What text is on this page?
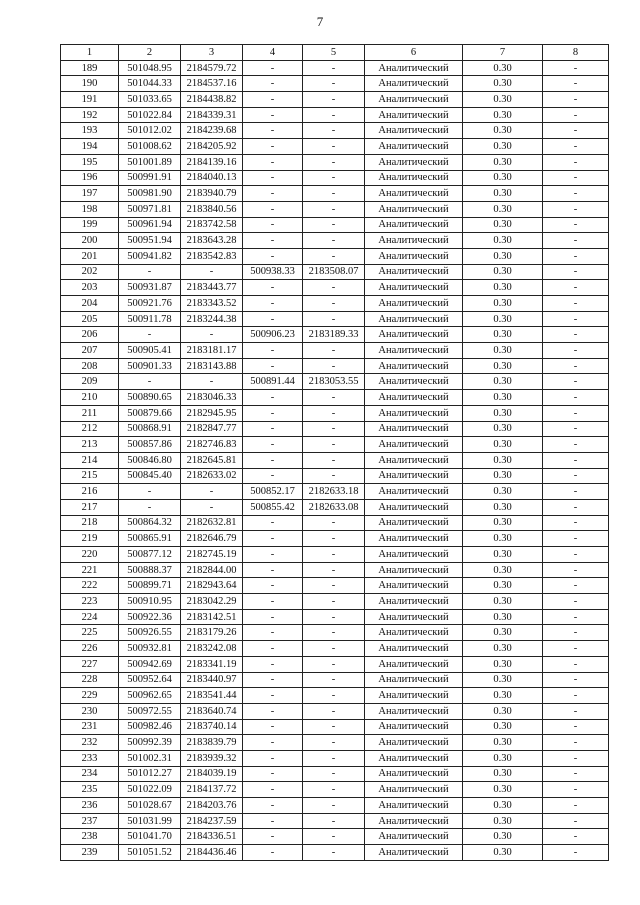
7
1	2	3	4	5	6	7	8
189	501048.95	2184579.72	-	-	Аналитический	0.30	-
190	501044.33	2184537.16	-	-	Аналитический	0.30	-
191	501033.65	2184438.82	-	-	Аналитический	0.30	-
192	501022.84	2184339.31	-	-	Аналитический	0.30	-
193	501012.02	2184239.68	-	-	Аналитический	0.30	-
194	501008.62	2184205.92	-	-	Аналитический	0.30	-
195	501001.89	2184139.16	-	-	Аналитический	0.30	-
196	500991.91	2184040.13	-	-	Аналитический	0.30	-
197	500981.90	2183940.79	-	-	Аналитический	0.30	-
198	500971.81	2183840.56	-	-	Аналитический	0.30	-
199	500961.94	2183742.58	-	-	Аналитический	0.30	-
200	500951.94	2183643.28	-	-	Аналитический	0.30	-
201	500941.82	2183542.83	-	-	Аналитический	0.30	-
202	-	-	500938.33	2183508.07	Аналитический	0.30	-
203	500931.87	2183443.77	-	-	Аналитический	0.30	-
204	500921.76	2183343.52	-	-	Аналитический	0.30	-
205	500911.78	2183244.38	-	-	Аналитический	0.30	-
206	-	-	500906.23	2183189.33	Аналитический	0.30	-
207	500905.41	2183181.17	-	-	Аналитический	0.30	-
208	500901.33	2183143.88	-	-	Аналитический	0.30	-
209	-	-	500891.44	2183053.55	Аналитический	0.30	-
210	500890.65	2183046.33	-	-	Аналитический	0.30	-
211	500879.66	2182945.95	-	-	Аналитический	0.30	-
212	500868.91	2182847.77	-	-	Аналитический	0.30	-
213	500857.86	2182746.83	-	-	Аналитический	0.30	-
214	500846.80	2182645.81	-	-	Аналитический	0.30	-
215	500845.40	2182633.02	-	-	Аналитический	0.30	-
216	-	-	500852.17	2182633.18	Аналитический	0.30	-
217	-	-	500855.42	2182633.08	Аналитический	0.30	-
218	500864.32	2182632.81	-	-	Аналитический	0.30	-
219	500865.91	2182646.79	-	-	Аналитический	0.30	-
220	500877.12	2182745.19	-	-	Аналитический	0.30	-
221	500888.37	2182844.00	-	-	Аналитический	0.30	-
222	500899.71	2182943.64	-	-	Аналитический	0.30	-
223	500910.95	2183042.29	-	-	Аналитический	0.30	-
224	500922.36	2183142.51	-	-	Аналитический	0.30	-
225	500926.55	2183179.26	-	-	Аналитический	0.30	-
226	500932.81	2183242.08	-	-	Аналитический	0.30	-
227	500942.69	2183341.19	-	-	Аналитический	0.30	-
228	500952.64	2183440.97	-	-	Аналитический	0.30	-
229	500962.65	2183541.44	-	-	Аналитический	0.30	-
230	500972.55	2183640.74	-	-	Аналитический	0.30	-
231	500982.46	2183740.14	-	-	Аналитический	0.30	-
232	500992.39	2183839.79	-	-	Аналитический	0.30	-
233	501002.31	2183939.32	-	-	Аналитический	0.30	-
234	501012.27	2184039.19	-	-	Аналитический	0.30	-
235	501022.09	2184137.72	-	-	Аналитический	0.30	-
236	501028.67	2184203.76	-	-	Аналитический	0.30	-
237	501031.99	2184237.59	-	-	Аналитический	0.30	-
238	501041.70	2184336.51	-	-	Аналитический	0.30	-
239	501051.52	2184436.46	-	-	Аналитический	0.30	-
